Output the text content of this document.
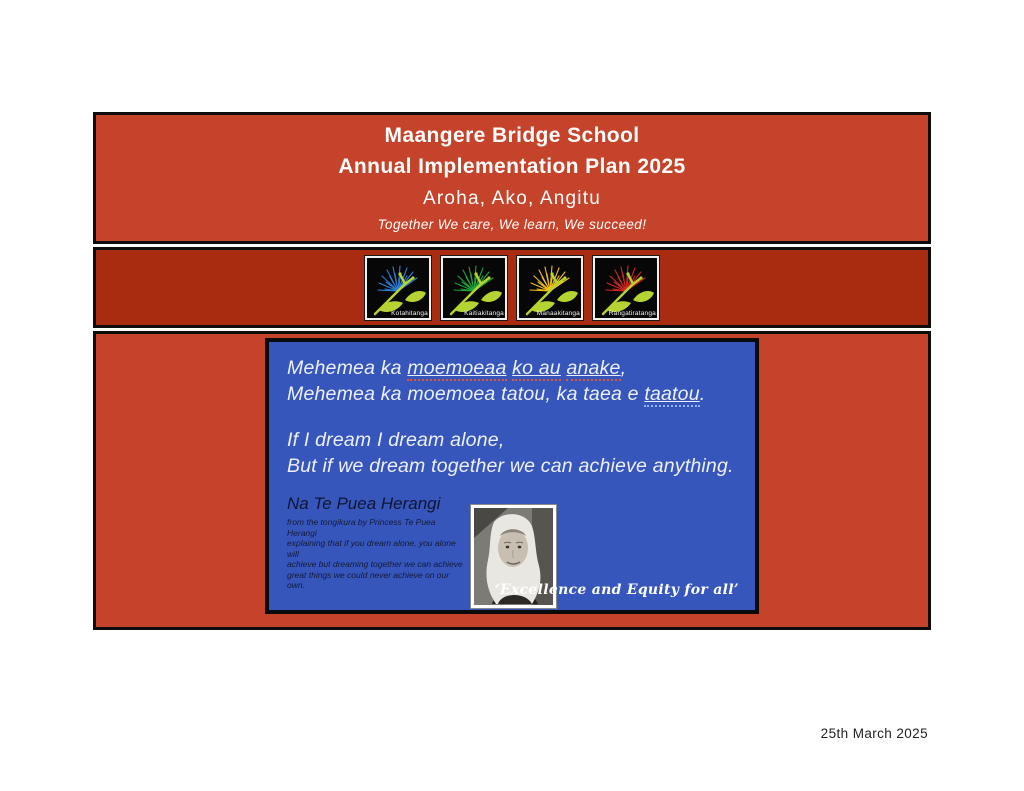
Maangere Bridge School
Annual Implementation Plan 2025
Aroha, Ako, Angitu
Together We care, We learn, We succeed!
Kotahitanga	Kaitiakitanga	Manaakitanga	Rangatiratanga
Mehemea ka moemoeaa ko au anake,
Mehemea ka moemoea tatou, ka taea e taatou.
If I dream I dream alone,
But if we dream together we can achieve anything.
Na Te Puea Herangi
from the tongikura by Princess Te Puea Herangi
explaining that if you dream alone, you alone will
achieve but dreaming together we can achieve
great things we could never achieve on our own.	‘Excellence and Equity for all’
25th March 2025
